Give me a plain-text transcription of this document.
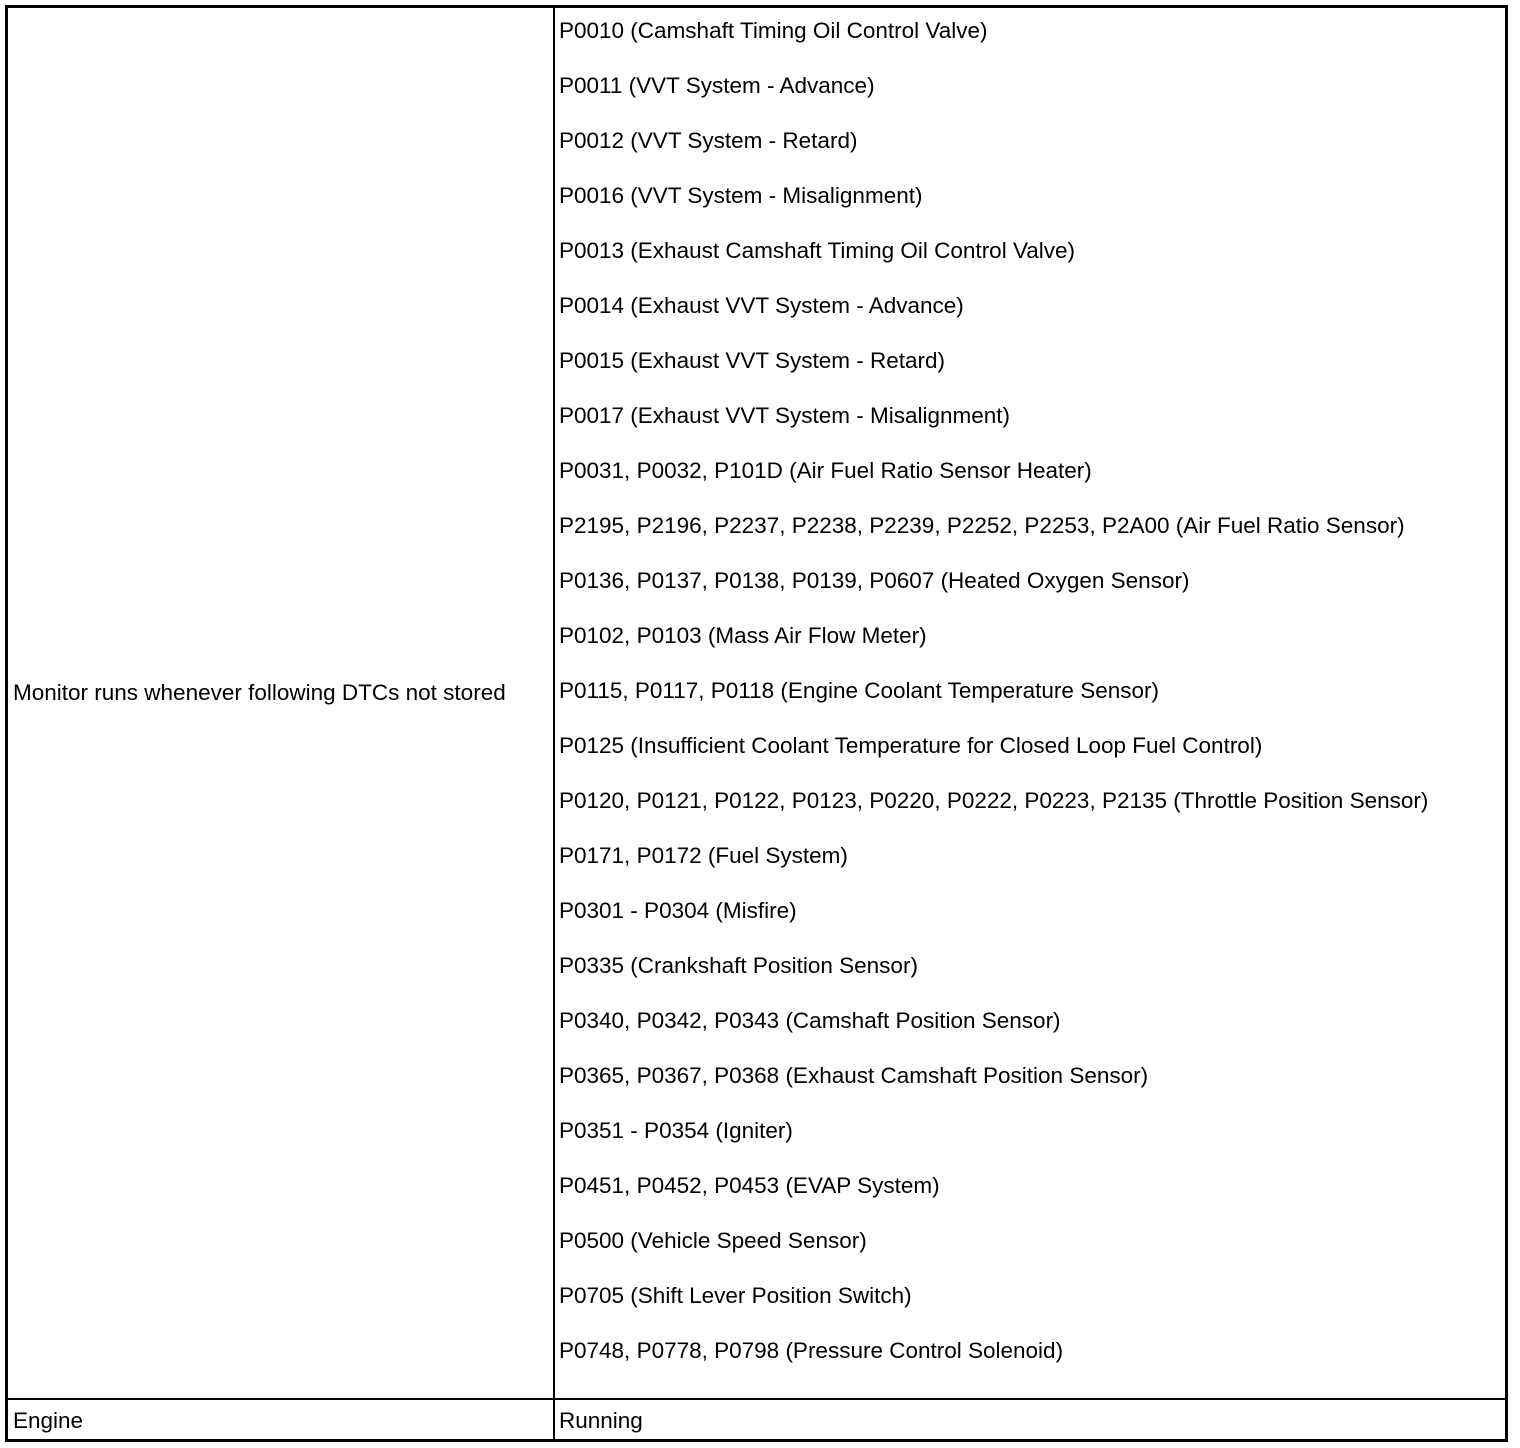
Monitor runs whenever following DTCs not stored
P0010 (Camshaft Timing Oil Control Valve)
P0011 (VVT System - Advance)
P0012 (VVT System - Retard)
P0016 (VVT System - Misalignment)
P0013 (Exhaust Camshaft Timing Oil Control Valve)
P0014 (Exhaust VVT System - Advance)
P0015 (Exhaust VVT System - Retard)
P0017 (Exhaust VVT System - Misalignment)
P0031, P0032, P101D (Air Fuel Ratio Sensor Heater)
P2195, P2196, P2237, P2238, P2239, P2252, P2253, P2A00 (Air Fuel Ratio Sensor)
P0136, P0137, P0138, P0139, P0607 (Heated Oxygen Sensor)
P0102, P0103 (Mass Air Flow Meter)
P0115, P0117, P0118 (Engine Coolant Temperature Sensor)
P0125 (Insufficient Coolant Temperature for Closed Loop Fuel Control)
P0120, P0121, P0122, P0123, P0220, P0222, P0223, P2135 (Throttle Position Sensor)
P0171, P0172 (Fuel System)
P0301 - P0304 (Misfire)
P0335 (Crankshaft Position Sensor)
P0340, P0342, P0343 (Camshaft Position Sensor)
P0365, P0367, P0368 (Exhaust Camshaft Position Sensor)
P0351 - P0354 (Igniter)
P0451, P0452, P0453 (EVAP System)
P0500 (Vehicle Speed Sensor)
P0705 (Shift Lever Position Switch)
P0748, P0778, P0798 (Pressure Control Solenoid)
Engine	Running
